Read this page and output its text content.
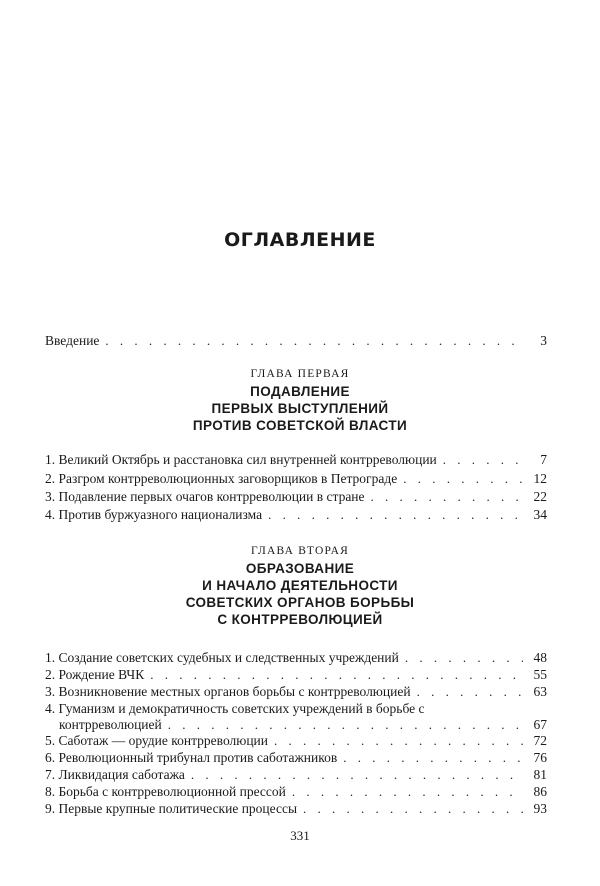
ОГЛАВЛЕНИЕ
Введение . . .	3
ГЛАВА ПЕРВАЯ
ПОДАВЛЕНИЕ
ПЕРВЫХ ВЫСТУПЛЕНИЙ
ПРОТИВ СОВЕТСКОЙ ВЛАСТИ
1. Великий Октябрь и расстановка сил внутренней контрреволюции . . .	7
2. Разгром контрреволюционных заговорщиков в Петрограде . . .	12
3. Подавление первых очагов контрреволюции в стране . . .	22
4. Против буржуазного национализма . . .	34
ГЛАВА ВТОРАЯ
ОБРАЗОВАНИЕ
И НАЧАЛО ДЕЯТЕЛЬНОСТИ
СОВЕТСКИХ ОРГАНОВ БОРЬБЫ
С КОНТРРЕВОЛЮЦИЕЙ
1. Создание советских судебных и следственных учреждений . . .	48
2. Рождение ВЧК . . .	55
3. Возникновение местных органов борьбы с контрреволюцией . . .	63
4. Гуманизм и демократичность советских учреждений в борьбе с
контрреволюцией . . .	67
5. Саботаж — орудие контрреволюции . . .	72
6. Революционный трибунал против саботажников . . .	76
7. Ликвидация саботажа . . .	81
8. Борьба с контрреволюционной прессой . . .	86
9. Первые крупные политические процессы . . .	93
331
